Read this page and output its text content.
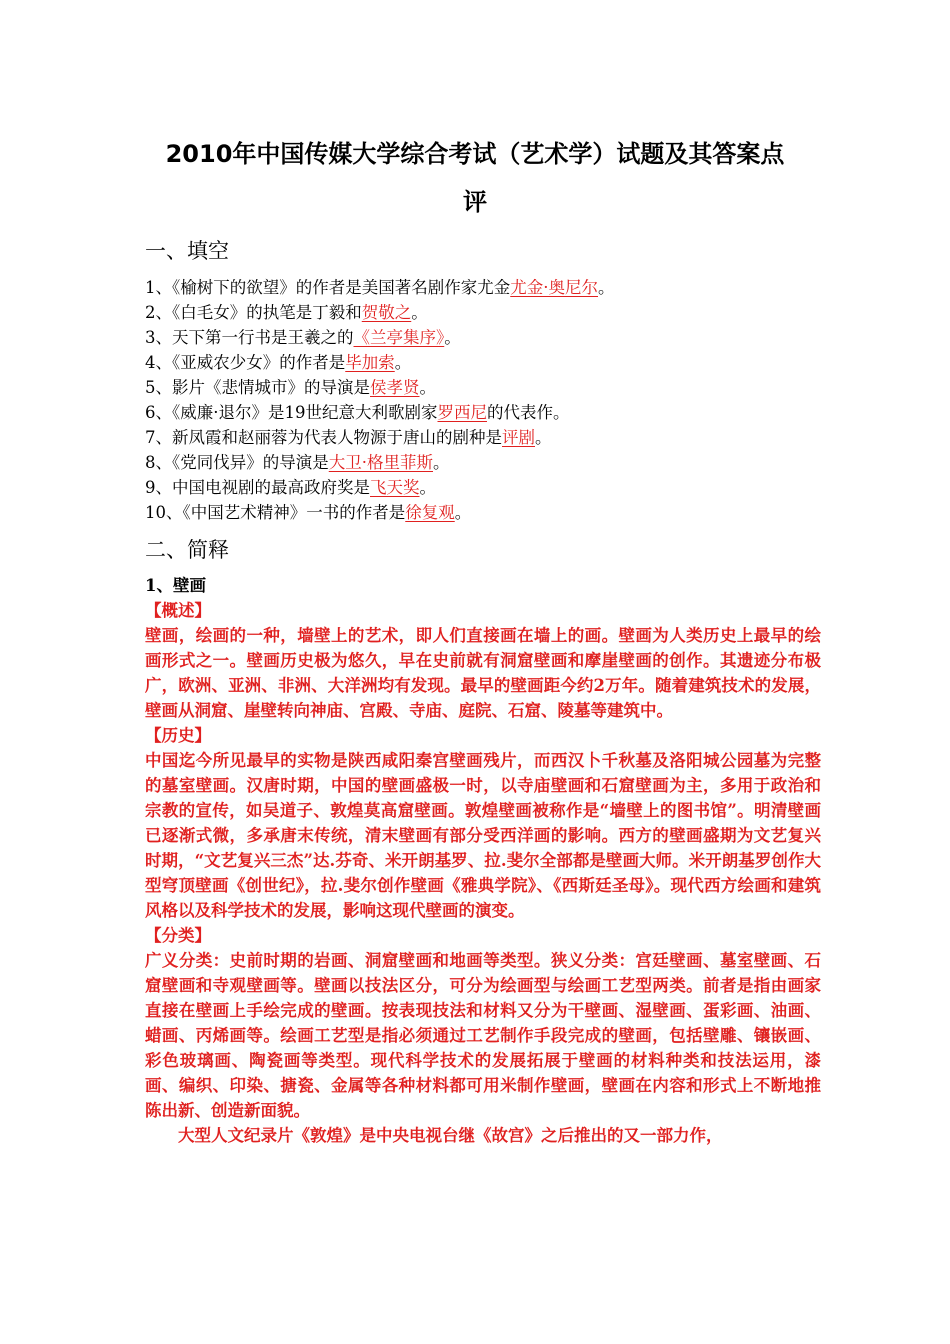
2010年中国传媒大学综合考试（艺术学）试题及其答案点
评
一、填空
1、《榆树下的欲望》的作者是美国著名剧作家尤金尤金·奥尼尔。
2、《白毛女》的执笔是丁毅和贺敬之。
3、天下第一行书是王羲之的《兰亭集序》。
4、《亚威农少女》的作者是毕加索。
5、影片《悲情城市》的导演是侯孝贤。
6、《威廉·退尔》是19世纪意大利歌剧家罗西尼的代表作。
7、新凤霞和赵丽蓉为代表人物源于唐山的剧种是评剧。
8、《党同伐异》的导演是大卫·格里菲斯。
9、中国电视剧的最高政府奖是飞天奖。
10、《中国艺术精神》一书的作者是徐复观。
二、简释
1、壁画

【概述】

壁画，绘画的一种，墙壁上的艺术，即人们直接画在墙上的画。壁画为人类历史上最早的绘画形式之一。壁画历史极为悠久，早在史前就有洞窟壁画和摩崖壁画的创作。其遗迹分布极广，欧洲、亚洲、非洲、大洋洲均有发现。最早的壁画距今约2万年。随着建筑技术的发展，壁画从洞窟、崖壁转向神庙、宫殿、寺庙、庭院、石窟、陵墓等建筑中。

【历史】

中国迄今所见最早的实物是陕西咸阳秦宫壁画残片，而西汉卜千秋墓及洛阳城公园墓为完整的墓室壁画。汉唐时期，中国的壁画盛极一时，以寺庙壁画和石窟壁画为主，多用于政治和宗教的宣传，如吴道子、敦煌莫高窟壁画。敦煌壁画被称作是“墙壁上的图书馆”。明清壁画已逐渐式微，多承唐末传统，清末壁画有部分受西洋画的影响。西方的壁画盛期为文艺复兴时期，“文艺复兴三杰”达.芬奇、米开朗基罗、拉.斐尔全部都是壁画大师。米开朗基罗创作大型穹顶壁画《创世纪》，拉.斐尔创作壁画《雅典学院》、《西斯廷圣母》。现代西方绘画和建筑风格以及科学技术的发展，影响这现代壁画的演变。

【分类】

广义分类：史前时期的岩画、洞窟壁画和地画等类型。狭义分类：宫廷壁画、墓室壁画、石窟壁画和寺观壁画等。壁画以技法区分，可分为绘画型与绘画工艺型两类。前者是指由画家直接在壁画上手绘完成的壁画。按表现技法和材料又分为干壁画、湿壁画、蛋彩画、油画、蜡画、丙烯画等。绘画工艺型是指必须通过工艺制作手段完成的壁画，包括壁雕、镶嵌画、彩色玻璃画、陶瓷画等类型。现代科学技术的发展拓展于壁画的材料种类和技法运用，漆画、编织、印染、搪瓷、金属等各种材料都可用米制作壁画，壁画在内容和形式上不断地推陈出新、创造新面貌。

大型人文纪录片《敦煌》是中央电视台继《故宫》之后推出的又一部力作，
